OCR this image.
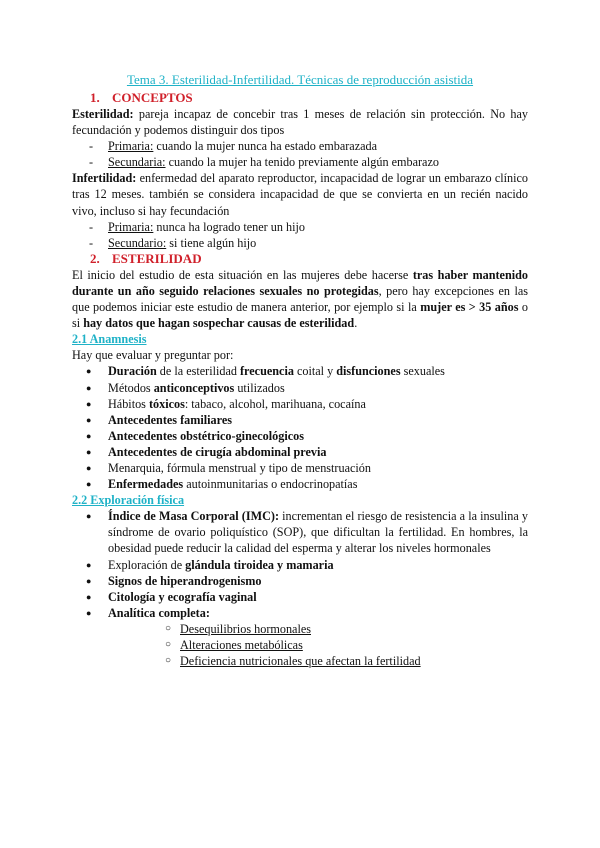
Tema 3. Esterilidad-Infertilidad. Técnicas de reproducción asistida
1. CONCEPTOS
Esterilidad: pareja incapaz de concebir tras 1 meses de relación sin protección. No hay fecundación y podemos distinguir dos tipos
- Primaria: cuando la mujer nunca ha estado embarazada
- Secundaria: cuando la mujer ha tenido previamente algún embarazo
Infertilidad: enfermedad del aparato reproductor, incapacidad de lograr un embarazo clínico tras 12 meses. también se considera incapacidad de que se convierta en un recién nacido vivo, incluso si hay fecundación
- Primaria: nunca ha logrado tener un hijo
- Secundario: si tiene algún hijo
2. ESTERILIDAD
El inicio del estudio de esta situación en las mujeres debe hacerse tras haber mantenido durante un año seguido relaciones sexuales no protegidas, pero hay excepciones en las que podemos iniciar este estudio de manera anterior, por ejemplo si la mujer es > 35 años o si hay datos que hagan sospechar causas de esterilidad.
2.1 Anamnesis
Hay que evaluar y preguntar por:
● Duración de la esterilidad frecuencia coital y disfunciones sexuales
● Métodos anticonceptivos utilizados
● Hábitos tóxicos: tabaco, alcohol, marihuana, cocaína
● Antecedentes familiares
● Antecedentes obstétrico-ginecológicos
● Antecedentes de cirugía abdominal previa
● Menarquia, fórmula menstrual y tipo de menstruación
● Enfermedades autoinmunitarias o endocrinopatías
2.2 Exploración física
● Índice de Masa Corporal (IMC): incrementan el riesgo de resistencia a la insulina y síndrome de ovario poliquístico (SOP), que dificultan la fertilidad. En hombres, la obesidad puede reducir la calidad del esperma y alterar los niveles hormonales
● Exploración de glándula tiroidea y mamaria
● Signos de hiperandrogenismo
● Citología y ecografía vaginal
● Analítica completa:
○ Desequilibrios hormonales
○ Alteraciones metabólicas
○ Deficiencia nutricionales que afectan la fertilidad
